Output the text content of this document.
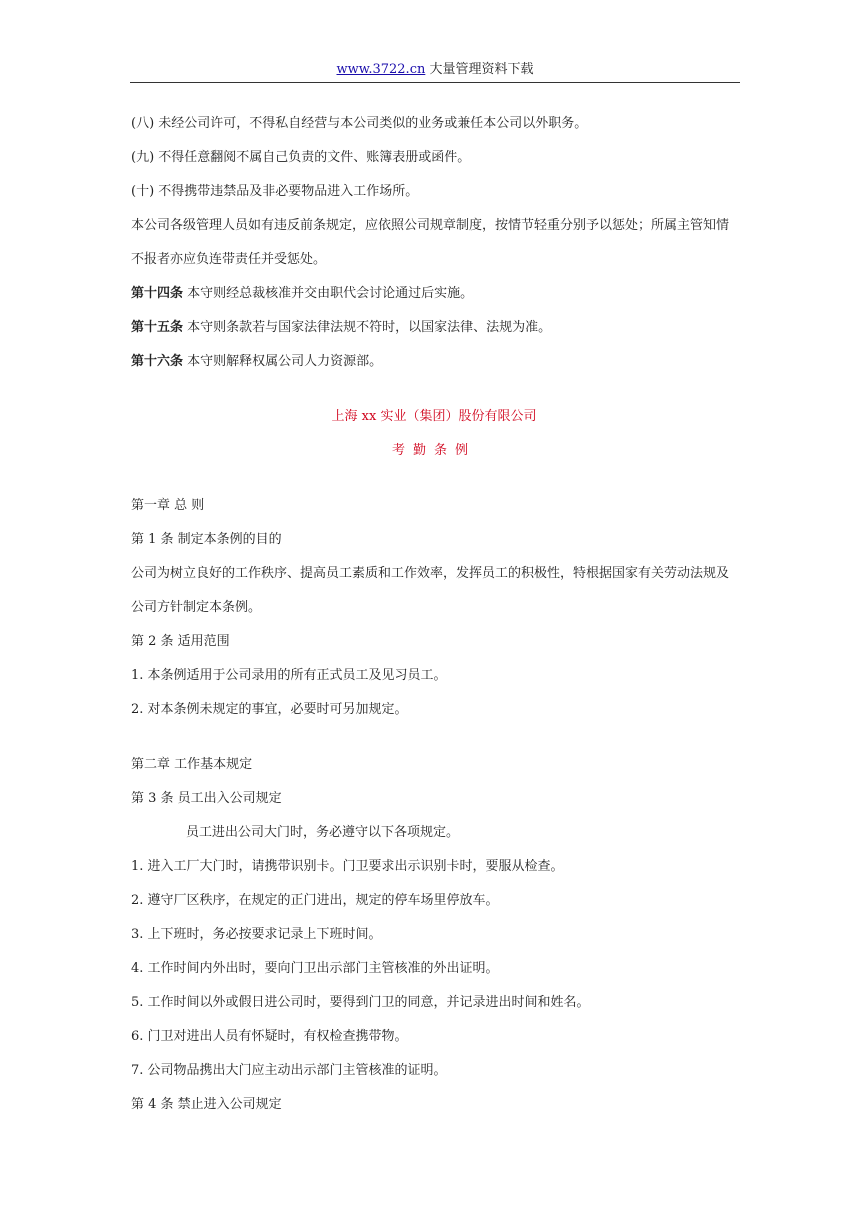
www.3722.cn 大量管理资料下载
(八) 未经公司许可，不得私自经营与本公司类似的业务或兼任本公司以外职务。
(九) 不得任意翻阅不属自己负责的文件、账簿表册或函件。
(十) 不得携带违禁品及非必要物品进入工作场所。
本公司各级管理人员如有违反前条规定，应依照公司规章制度，按情节轻重分别予以惩处；所属主管知情
不报者亦应负连带责任并受惩处。
第十四条 本守则经总裁核准并交由职代会讨论通过后实施。
第十五条 本守则条款若与国家法律法规不符时，以国家法律、法规为准。
第十六条 本守则解释权属公司人力资源部。
上海 xx 实业（集团）股份有限公司
考勤条例
第一章 总 则
第 1 条 制定本条例的目的
公司为树立良好的工作秩序、提高员工素质和工作效率，发挥员工的积极性，特根据国家有关劳动法规及
公司方针制定本条例。
第 2 条 适用范围
1. 本条例适用于公司录用的所有正式员工及见习员工。
2. 对本条例未规定的事宜，必要时可另加规定。
第二章 工作基本规定
第 3 条 员工出入公司规定
员工进出公司大门时，务必遵守以下各项规定。
1. 进入工厂大门时，请携带识别卡。门卫要求出示识别卡时，要服从检查。
2. 遵守厂区秩序，在规定的正门进出，规定的停车场里停放车。
3. 上下班时，务必按要求记录上下班时间。
4. 工作时间内外出时，要向门卫出示部门主管核准的外出证明。
5. 工作时间以外或假日进公司时，要得到门卫的同意，并记录进出时间和姓名。
6. 门卫对进出人员有怀疑时，有权检查携带物。
7. 公司物品携出大门应主动出示部门主管核准的证明。
第 4 条 禁止进入公司规定
